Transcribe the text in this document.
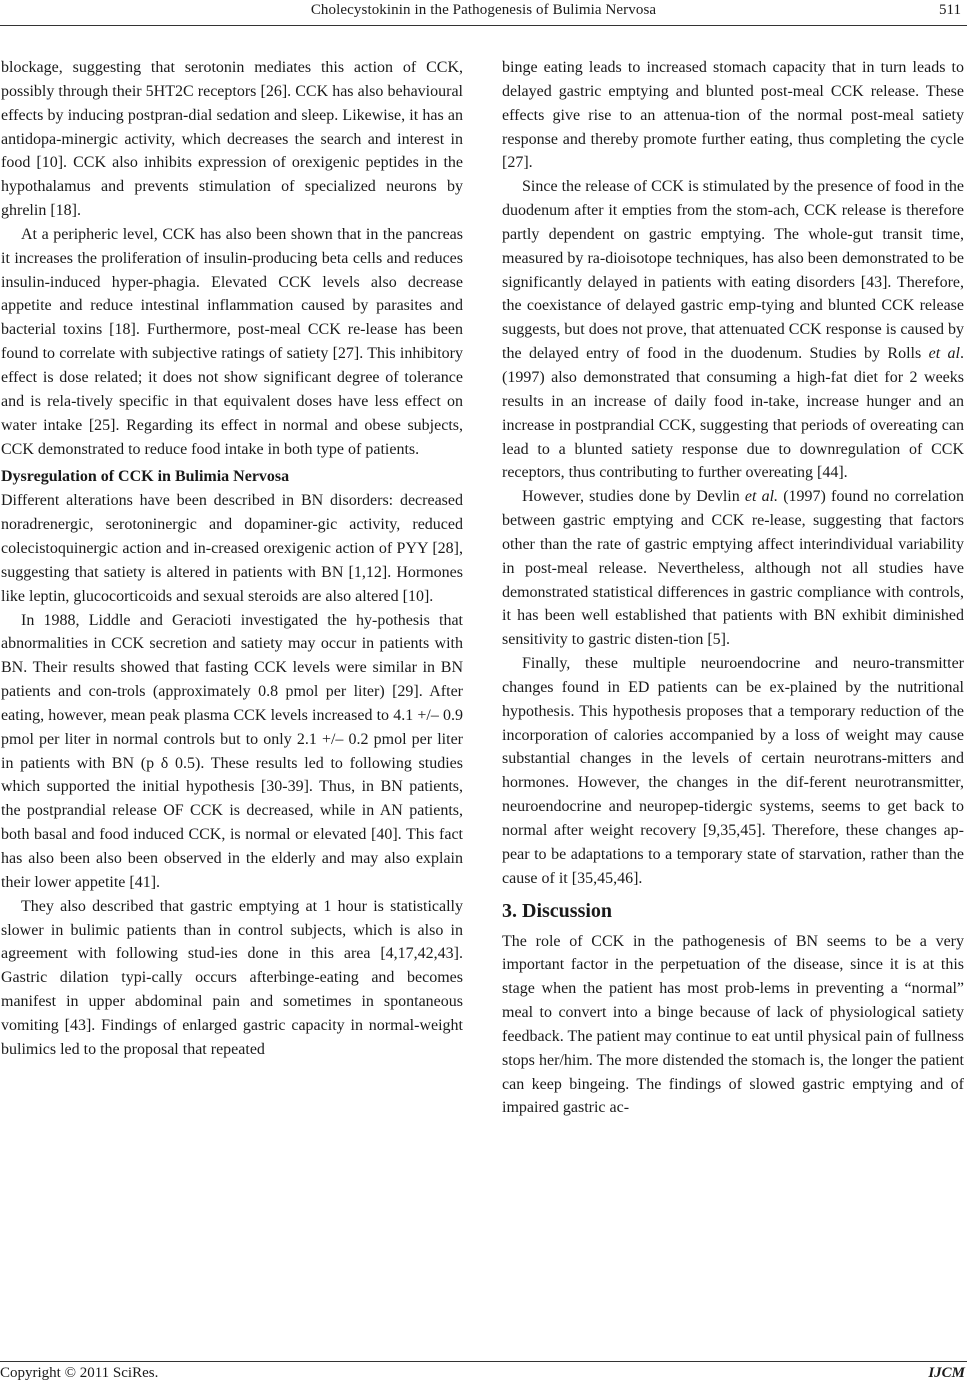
Cholecystokinin in the Pathogenesis of Bulimia Nervosa	511

blockage, suggesting that serotonin mediates this action of CCK, possibly through their 5HT2C receptors [26]. CCK has also behavioural effects by inducing postpran-dial sedation and sleep. Likewise, it has an antidopa-minergic activity, which decreases the search and interest in food [10]. CCK also inhibits expression of orexigenic peptides in the hypothalamus and prevents stimulation of specialized neurons by ghrelin [18].

At a peripheric level, CCK has also been shown that in the pancreas it increases the proliferation of insulin-producing beta cells and reduces insulin-induced hyper-phagia. Elevated CCK levels also decrease appetite and reduce intestinal inflammation caused by parasites and bacterial toxins [18]. Furthermore, post-meal CCK re-lease has been found to correlate with subjective ratings of satiety [27]. This inhibitory effect is dose related; it does not show significant degree of tolerance and is rela-tively specific in that equivalent doses have less effect on water intake [25]. Regarding its effect in normal and obese subjects, CCK demonstrated to reduce food intake in both type of patients.

Dysregulation of CCK in Bulimia Nervosa

Different alterations have been described in BN disorders: decreased noradrenergic, serotoninergic and dopaminer-gic activity, reduced colecistoquinergic action and in-creased orexigenic action of PYY [28], suggesting that satiety is altered in patients with BN [1,12]. Hormones like leptin, glucocorticoids and sexual steroids are also altered [10].

In 1988, Liddle and Geracioti investigated the hy-pothesis that abnormalities in CCK secretion and satiety may occur in patients with BN. Their results showed that fasting CCK levels were similar in BN patients and con-trols (approximately 0.8 pmol per liter) [29]. After eating, however, mean peak plasma CCK levels increased to 4.1 +/– 0.9 pmol per liter in normal controls but to only 2.1 +/– 0.2 pmol per liter in patients with BN (p δ 0.5). These results led to following studies which supported the initial hypothesis [30-39]. Thus, in BN patients, the postprandial release OF CCK is decreased, while in AN patients, both basal and food induced CCK, is normal or elevated [40]. This fact has also been also been observed in the elderly and may also explain their lower appetite [41].

They also described that gastric emptying at 1 hour is statistically slower in bulimic patients than in control subjects, which is also in agreement with following stud-ies done in this area [4,17,42,43]. Gastric dilation typi-cally occurs afterbinge-eating and becomes manifest in upper abdominal pain and sometimes in spontaneous vomiting [43]. Findings of enlarged gastric capacity in normal-weight bulimics led to the proposal that repeated

binge eating leads to increased stomach capacity that in turn leads to delayed gastric emptying and blunted post-meal CCK release. These effects give rise to an attenua-tion of the normal post-meal satiety response and thereby promote further eating, thus completing the cycle [27].

Since the release of CCK is stimulated by the presence of food in the duodenum after it empties from the stom-ach, CCK release is therefore partly dependent on gastric emptying. The whole-gut transit time, measured by ra-dioisotope techniques, has also been demonstrated to be significantly delayed in patients with eating disorders [43]. Therefore, the coexistance of delayed gastric emp-tying and blunted CCK release suggests, but does not prove, that attenuated CCK response is caused by the delayed entry of food in the duodenum. Studies by Rolls et al. (1997) also demonstrated that consuming a high-fat diet for 2 weeks results in an increase of daily food in-take, increase hunger and an increase in postprandial CCK, suggesting that periods of overeating can lead to a blunted satiety response due to downregulation of CCK receptors, thus contributing to further overeating [44].

However, studies done by Devlin et al. (1997) found no correlation between gastric emptying and CCK re-lease, suggesting that factors other than the rate of gastric emptying affect interindividual variability in post-meal release. Nevertheless, although not all studies have demonstrated statistical differences in gastric compliance with controls, it has been well established that patients with BN exhibit diminished sensitivity to gastric disten-tion [5].

Finally, these multiple neuroendocrine and neuro-transmitter changes found in ED patients can be ex-plained by the nutritional hypothesis. This hypothesis proposes that a temporary reduction of the incorporation of calories accompanied by a loss of weight may cause substantial changes in the levels of certain neurotrans-mitters and hormones. However, the changes in the dif-ferent neurotransmitter, neuroendocrine and neuropep-tidergic systems, seems to get back to normal after weight recovery [9,35,45]. Therefore, these changes ap-pear to be adaptations to a temporary state of starvation, rather than the cause of it [35,45,46].

3. Discussion

The role of CCK in the pathogenesis of BN seems to be a very important factor in the perpetuation of the disease, since it is at this stage when the patient has most prob-lems in preventing a “normal” meal to convert into a binge because of lack of physiological satiety feedback. The patient may continue to eat until physical pain of fullness stops her/him. The more distended the stomach is, the longer the patient can keep bingeing. The findings of slowed gastric emptying and of impaired gastric ac-

Copyright © 2011 SciRes.	IJCM
